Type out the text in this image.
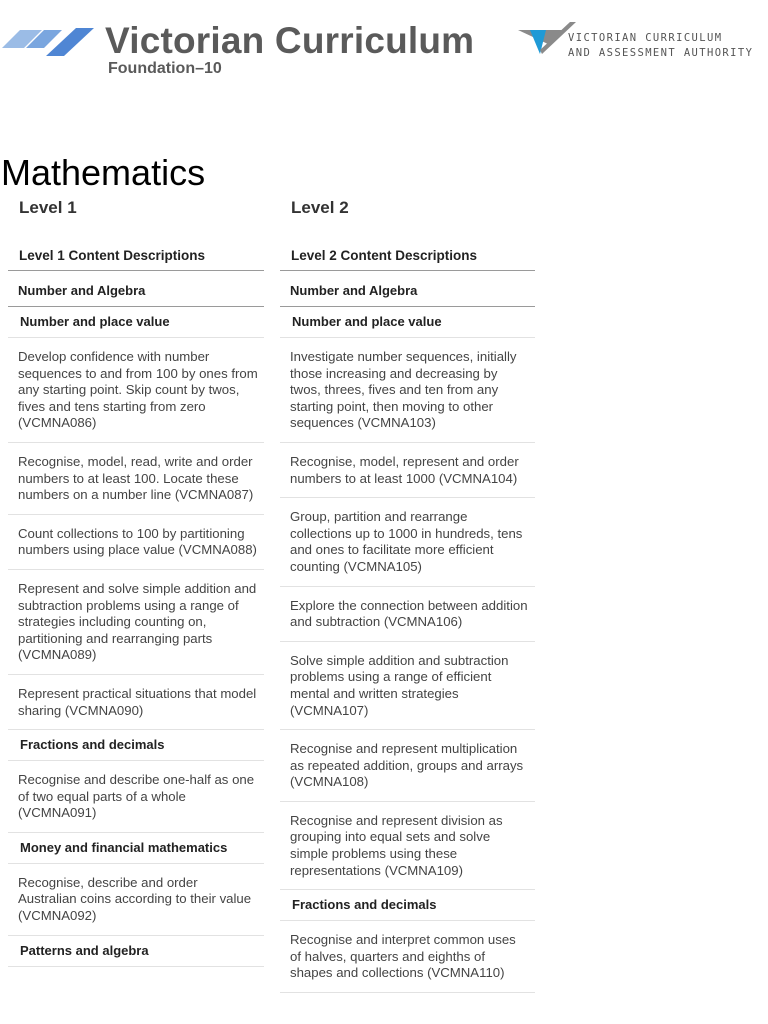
Victorian Curriculum
Foundation–10
VICTORIAN CURRICULUM
AND ASSESSMENT AUTHORITY
Mathematics
Level 1
Level 1 Content Descriptions
Number and Algebra
Number and place value
Develop confidence with number sequences to and from 100 by ones from any starting point. Skip count by twos, fives and tens starting from zero (VCMNA086)
Recognise, model, read, write and order numbers to at least 100. Locate these numbers on a number line (VCMNA087)
Count collections to 100 by partitioning numbers using place value (VCMNA088)
Represent and solve simple addition and subtraction problems using a range of strategies including counting on, partitioning and rearranging parts (VCMNA089)
Represent practical situations that model sharing (VCMNA090)
Fractions and decimals
Recognise and describe one-half as one of two equal parts of a whole (VCMNA091)
Money and financial mathematics
Recognise, describe and order Australian coins according to their value (VCMNA092)
Patterns and algebra
Level 2
Level 2 Content Descriptions
Number and Algebra
Number and place value
Investigate number sequences, initially those increasing and decreasing by twos, threes, fives and ten from any starting point, then moving to other sequences (VCMNA103)
Recognise, model, represent and order numbers to at least 1000 (VCMNA104)
Group, partition and rearrange collections up to 1000 in hundreds, tens and ones to facilitate more efficient counting (VCMNA105)
Explore the connection between addition and subtraction (VCMNA106)
Solve simple addition and subtraction problems using a range of efficient mental and written strategies (VCMNA107)
Recognise and represent multiplication as repeated addition, groups and arrays (VCMNA108)
Recognise and represent division as grouping into equal sets and solve simple problems using these representations (VCMNA109)
Fractions and decimals
Recognise and interpret common uses of halves, quarters and eighths of shapes and collections (VCMNA110)
